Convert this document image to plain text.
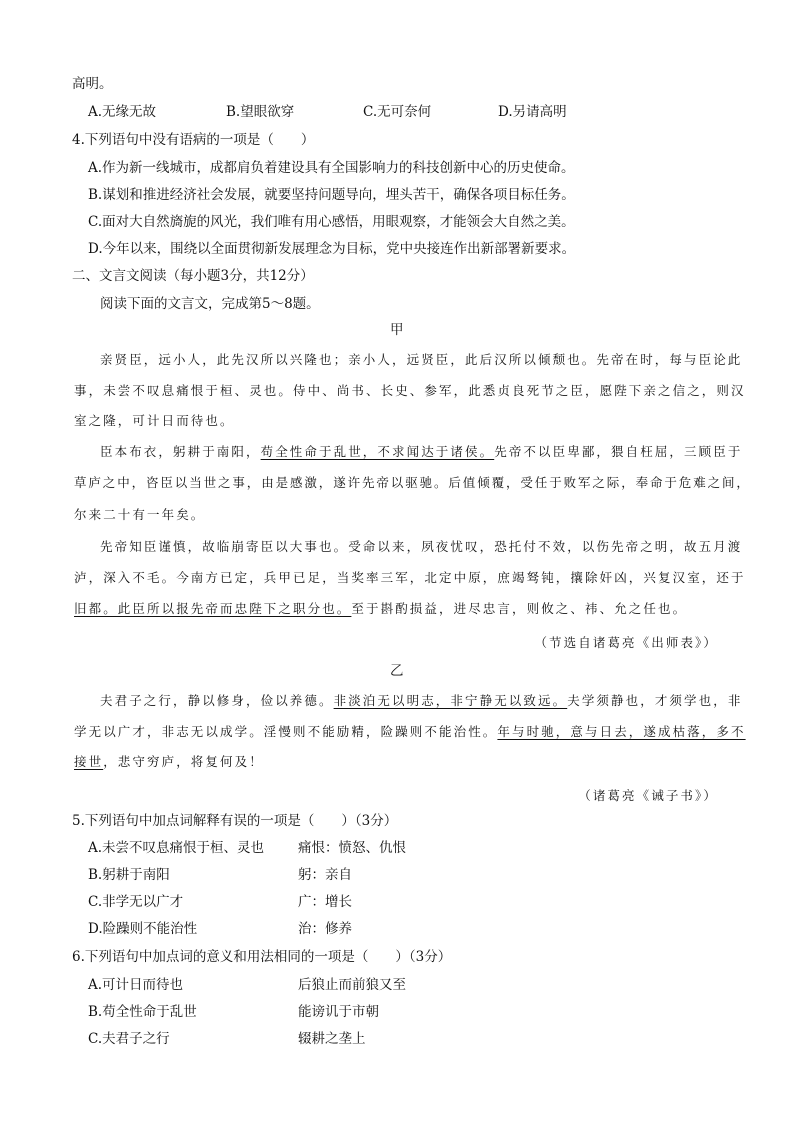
高明。
A.无缘无故	B.望眼欲穿	C.无可奈何	D.另请高明
4.下列语句中没有语病的一项是（　　）
A.作为新一线城市，成都肩负着建设具有全国影响力的科技创新中心的历史使命。
B.谋划和推进经济社会发展，就要坚持问题导向，埋头苦干，确保各项目标任务。
C.面对大自然旖旎的风光，我们唯有用心感悟，用眼观察，才能领会大自然之美。
D.今年以来，围绕以全面贯彻新发展理念为目标，党中央接连作出新部署新要求。
二、文言文阅读（每小题3分，共12分）
阅读下面的文言文，完成第5～8题。
甲
亲贤臣，远小人，此先汉所以兴隆也；亲小人，远贤臣，此后汉所以倾颓也。先帝在时，每与臣论此
事，未尝不叹息痛恨于桓、灵也。侍中、尚书、长史、参军，此悉贞良死节之臣，愿陛下亲之信之，则汉
室之隆，可计日而待也。
臣本布衣，躬耕于南阳，苟全性命于乱世，不求闻达于诸侯。先帝不以臣卑鄙，猥自枉屈，三顾臣于
草庐之中，咨臣以当世之事，由是感激，遂许先帝以驱驰。后值倾覆，受任于败军之际，奉命于危难之间，
尔来二十有一年矣。
先帝知臣谨慎，故临崩寄臣以大事也。受命以来，夙夜忧叹，恐托付不效，以伤先帝之明，故五月渡
泸，深入不毛。今南方已定，兵甲已足，当奖率三军，北定中原，庶竭驽钝，攘除奸凶，兴复汉室，还于
旧都。此臣所以报先帝而忠陛下之职分也。至于斟酌损益，进尽忠言，则攸之、祎、允之任也。
（节选自诸葛亮《出师表》）
乙
夫君子之行，静以修身，俭以养德。非淡泊无以明志，非宁静无以致远。夫学须静也，才须学也，非
学无以广才，非志无以成学。淫慢则不能励精，险躁则不能治性。年与时驰，意与日去，遂成枯落，多不
接世，悲守穷庐，将复何及！
（诸葛亮《诫子书》）
5.下列语句中加点词解释有误的一项是（　　）（3分）
A.未尝不叹息痛恨于桓、灵也	痛恨：愤怒、仇恨
B.躬耕于南阳	躬：亲自
C.非学无以广才	广：增长
D.险躁则不能治性	治：修养
6.下列语句中加点词的意义和用法相同的一项是（　　）（3分）
A.可计日而待也	后狼止而前狼又至
B.苟全性命于乱世	能谤讥于市朝
C.夫君子之行	辍耕之垄上
